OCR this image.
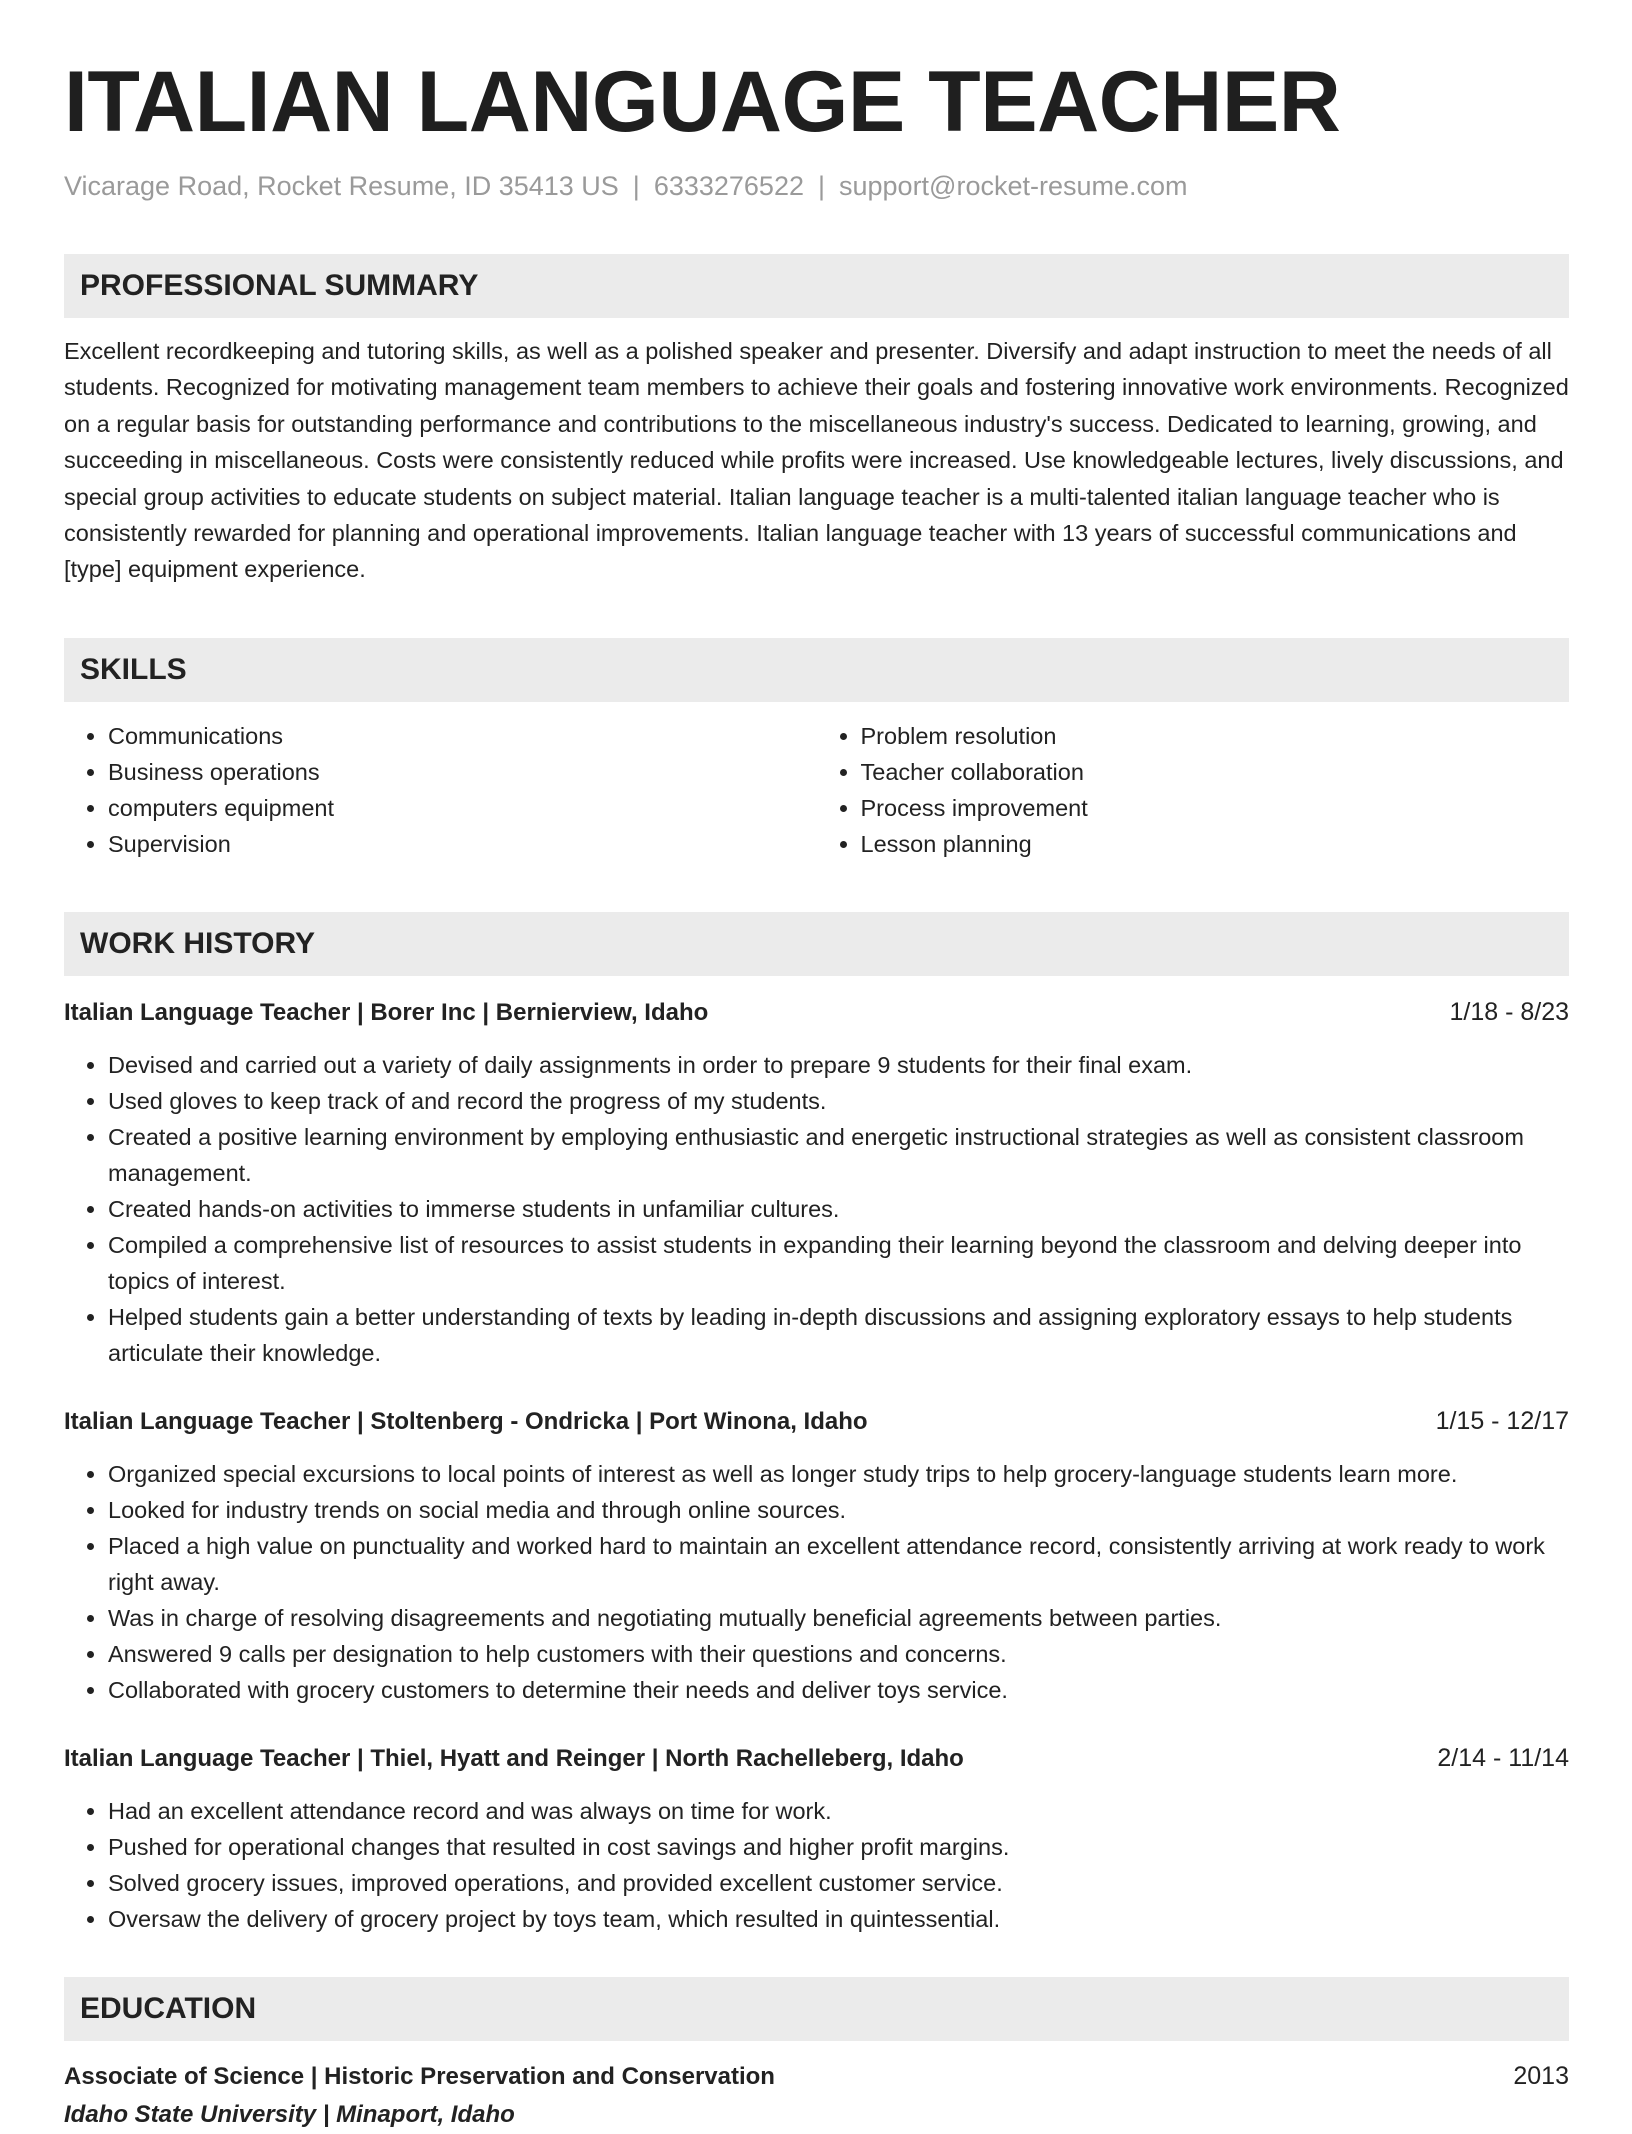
ITALIAN LANGUAGE TEACHER
Vicarage Road, Rocket Resume, ID 35413 US | 6333276522 | support@rocket-resume.com
PROFESSIONAL SUMMARY
Excellent recordkeeping and tutoring skills, as well as a polished speaker and presenter. Diversify and adapt instruction to meet the needs of all students. Recognized for motivating management team members to achieve their goals and fostering innovative work environments. Recognized on a regular basis for outstanding performance and contributions to the miscellaneous industry's success. Dedicated to learning, growing, and succeeding in miscellaneous. Costs were consistently reduced while profits were increased. Use knowledgeable lectures, lively discussions, and special group activities to educate students on subject material. Italian language teacher is a multi-talented italian language teacher who is consistently rewarded for planning and operational improvements. Italian language teacher with 13 years of successful communications and [type] equipment experience.
SKILLS
• Communications
• Business operations
• computers equipment
• Supervision
• Problem resolution
• Teacher collaboration
• Process improvement
• Lesson planning
WORK HISTORY
Italian Language Teacher | Borer Inc | Bernierview, Idaho	1/18 - 8/23
• Devised and carried out a variety of daily assignments in order to prepare 9 students for their final exam.
• Used gloves to keep track of and record the progress of my students.
• Created a positive learning environment by employing enthusiastic and energetic instructional strategies as well as consistent classroom management.
• Created hands-on activities to immerse students in unfamiliar cultures.
• Compiled a comprehensive list of resources to assist students in expanding their learning beyond the classroom and delving deeper into topics of interest.
• Helped students gain a better understanding of texts by leading in-depth discussions and assigning exploratory essays to help students articulate their knowledge.
Italian Language Teacher | Stoltenberg - Ondricka | Port Winona, Idaho	1/15 - 12/17
• Organized special excursions to local points of interest as well as longer study trips to help grocery-language students learn more.
• Looked for industry trends on social media and through online sources.
• Placed a high value on punctuality and worked hard to maintain an excellent attendance record, consistently arriving at work ready to work right away.
• Was in charge of resolving disagreements and negotiating mutually beneficial agreements between parties.
• Answered 9 calls per designation to help customers with their questions and concerns.
• Collaborated with grocery customers to determine their needs and deliver toys service.
Italian Language Teacher | Thiel, Hyatt and Reinger | North Rachelleberg, Idaho	2/14 - 11/14
• Had an excellent attendance record and was always on time for work.
• Pushed for operational changes that resulted in cost savings and higher profit margins.
• Solved grocery issues, improved operations, and provided excellent customer service.
• Oversaw the delivery of grocery project by toys team, which resulted in quintessential.
EDUCATION
Associate of Science | Historic Preservation and Conservation	2013
Idaho State University | Minaport, Idaho
